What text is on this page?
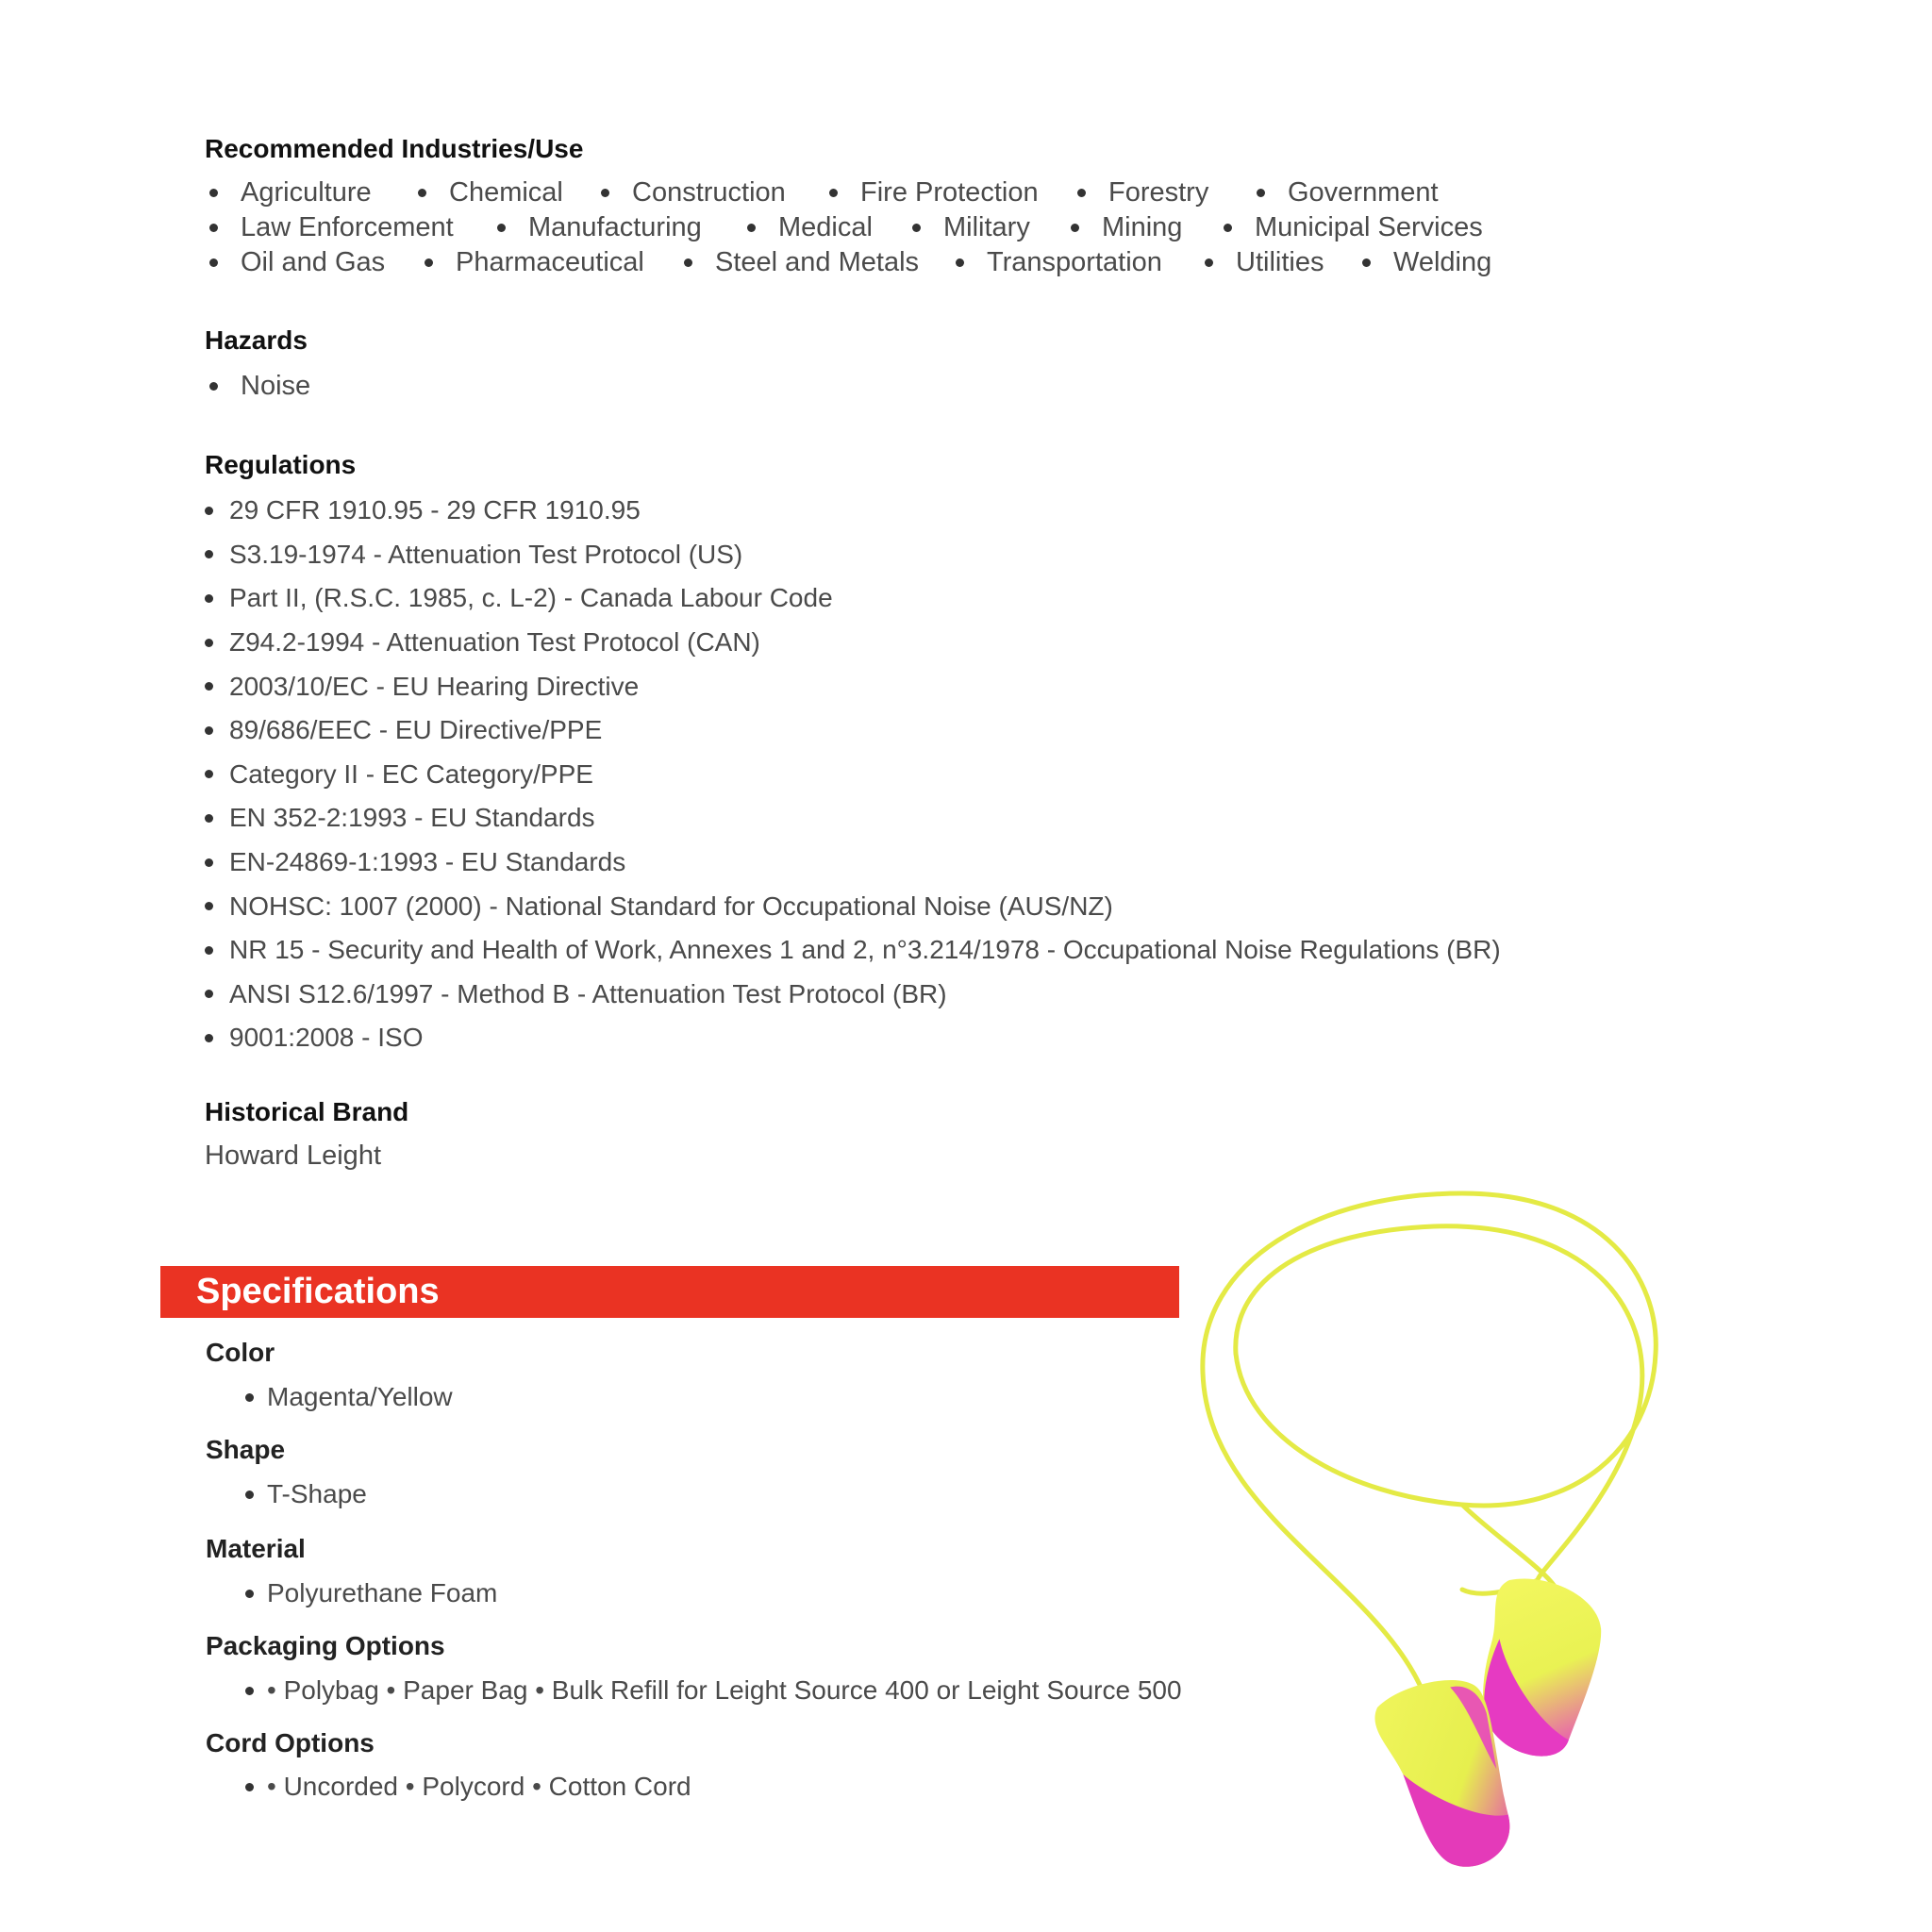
Recommended Industries/Use
Agriculture	Chemical	Construction	Fire Protection	Forestry	Government
Law Enforcement	Manufacturing	Medical	Military	Mining	Municipal Services
Oil and Gas	Pharmaceutical	Steel and Metals Transportation	Utilities	Welding
Hazards
Noise
Regulations
29 CFR 1910.95 - 29 CFR 1910.95
S3.19-1974 - Attenuation Test Protocol (US)
Part II, (R.S.C. 1985, c. L-2) - Canada Labour Code
Z94.2-1994 - Attenuation Test Protocol (CAN)
2003/10/EC - EU Hearing Directive
89/686/EEC - EU Directive/PPE
Category II - EC Category/PPE
EN 352-2:1993 - EU Standards
EN-24869-1:1993 - EU Standards
NOHSC: 1007 (2000) - National Standard for Occupational Noise (AUS/NZ)
NR 15 - Security and Health of Work, Annexes 1 and 2, n°3.214/1978 - Occupational Noise Regulations (BR)
ANSI S12.6/1997 - Method B - Attenuation Test Protocol (BR)
9001:2008 - ISO
Historical Brand
Howard Leight
Specifications
Color
Magenta/Yellow
Shape
T-Shape
Material
Polyurethane Foam
Packaging Options
• Polybag • Paper Bag • Bulk Refill for Leight Source 400 or Leight Source 500
Cord Options
• Uncorded • Polycord • Cotton Cord
